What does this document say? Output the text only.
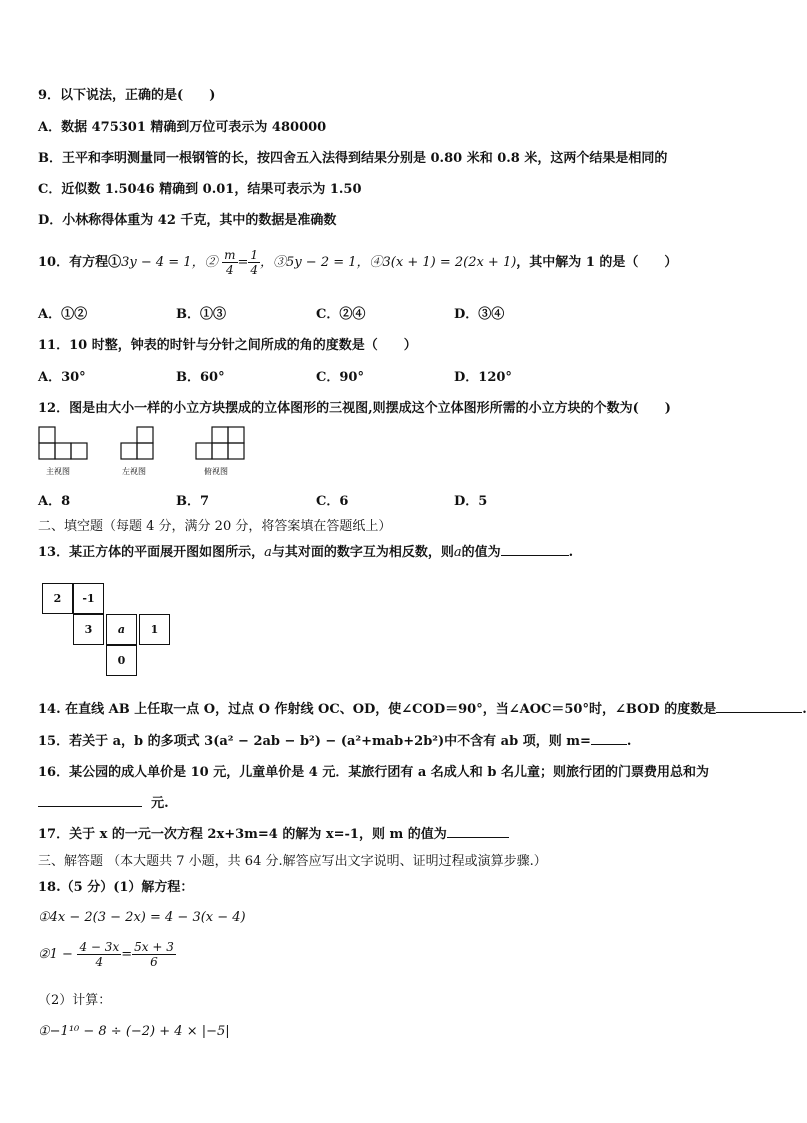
9．以下说法，正确的是(　　)
A．数据 475301 精确到万位可表示为 480000
B．王平和李明测量同一根钢管的长，按四舍五入法得到结果分别是 0.80 米和 0.8 米，这两个结果是相同的
C．近似数 1.5046 精确到 0.01，结果可表示为 1.50
D．小林称得体重为 42 千克，其中的数据是准确数
10．有方程①3y − 4 = 1，② $\frac{m}{4} = \frac{1}{4}$ ，③5y − 2 = 1，④3(x + 1) = 2(2x + 1)，其中解为 1 的是（　　）
A．①②	B．①③	C．②④	D．③④
11．10 时整，钟表的时针与分针之间所成的角的度数是（　　）
A．30°	B．60°	C．90°	D．120°
12．图是由大小一样的小立方块摆成的立体图形的三视图,则摆成这个立体图形所需的小立方块的个数为(　　)
主视图	左视图	俯视图
A．8	B．7	C．6	D．5
二、填空题（每题 4 分，满分 20 分，将答案填在答题纸上）
13．某正方体的平面展开图如图所示，a与其对面的数字互为相反数，则a的值为	.
2	-1
3	a	1
0
14. 在直线 AB 上任取一点 O，过点 O 作射线 OC、OD，使∠COD＝90°，当∠AOC＝50°时，∠BOD 的度数是	.
15．若关于 a，b 的多项式 3(a² − 2ab − b²) − (a²+mab+2b²)中不含有 ab 项，则 m=	.
16．某公园的成人单价是 10 元，儿童单价是 4 元．某旅行团有 a 名成人和 b 名儿童；则旅行团的门票费用总和为
元.
17．关于 x 的一元一次方程 2x+3m=4 的解为 x=-1，则 m 的值为
三、解答题 （本大题共 7 小题，共 64 分.解答应写出文字说明、证明过程或演算步骤.）
18.（5 分）(1）解方程：
①4x − 2(3 − 2x) = 4 − 3(x − 4)
②1 − $\frac{4 - 3x}{4} = \frac{5x + 3}{6}$
（2）计算：
①−1¹⁰ − 8 ÷ (−2) + 4 × |−5|
